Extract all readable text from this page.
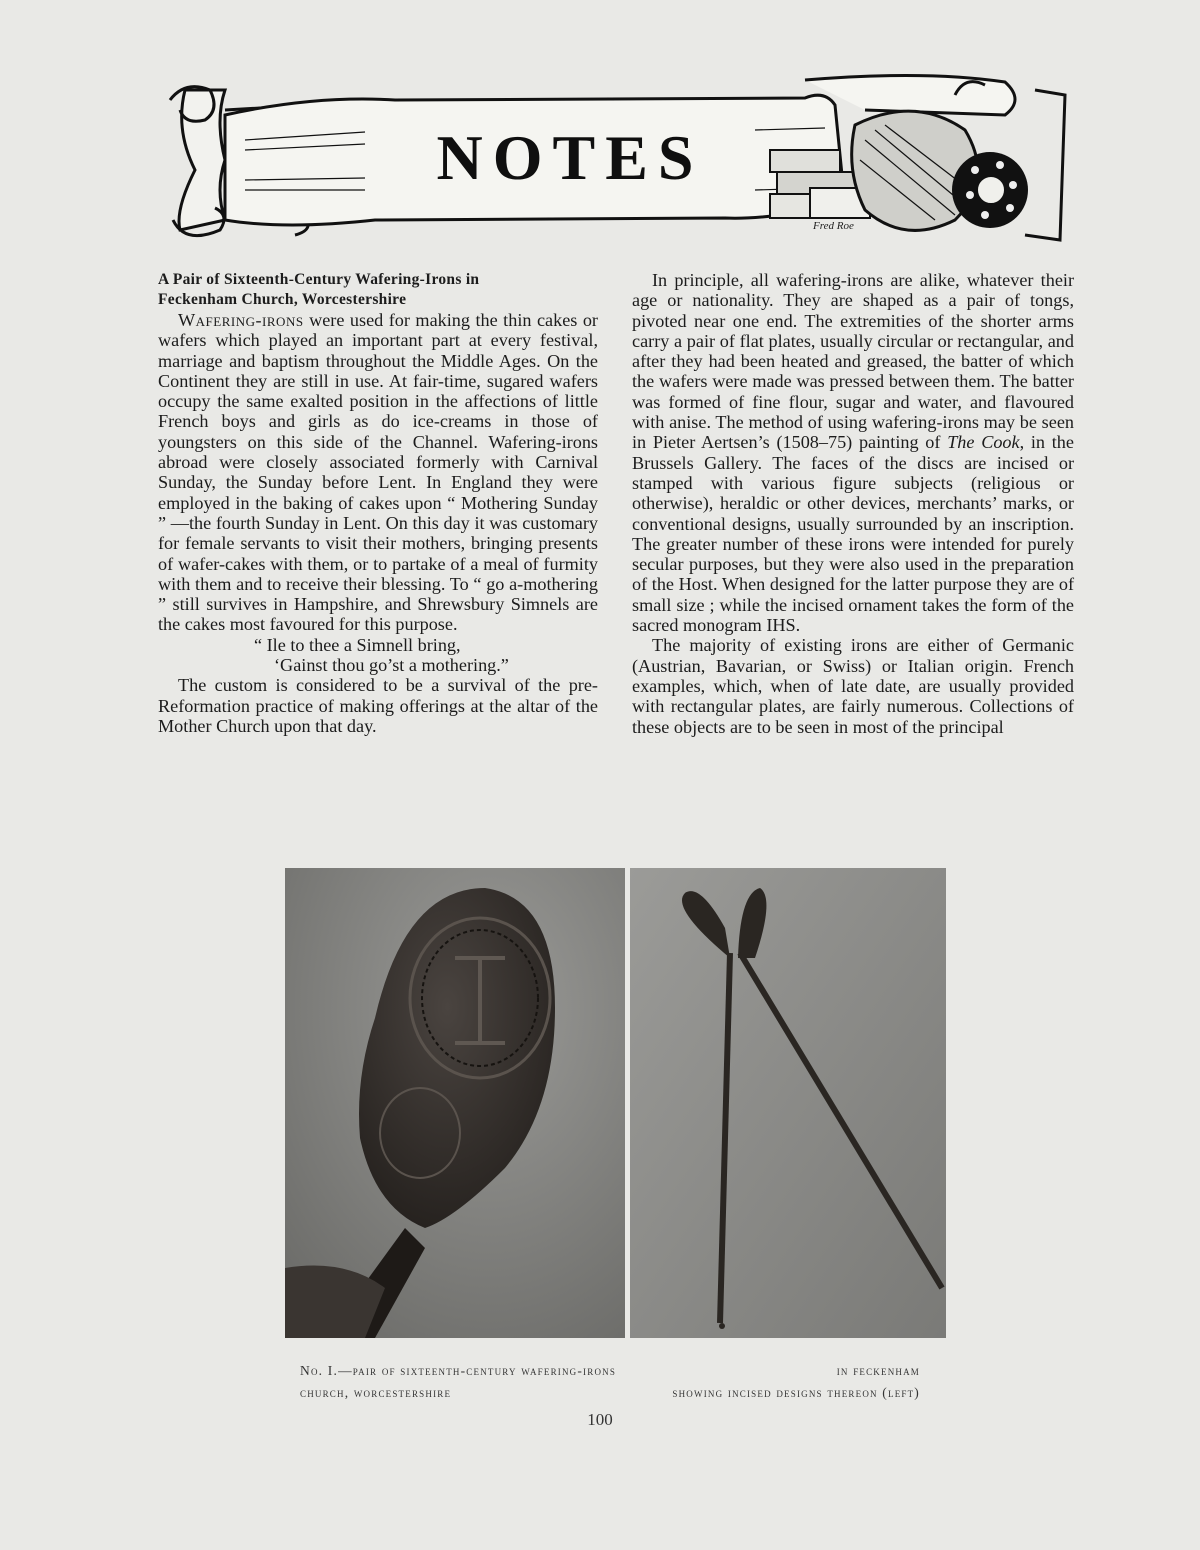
NOTES
Fred Roe

A Pair of Sixteenth-Century Wafering-Irons in
Feckenham Church, Worcestershire

Wafering-irons were used for making the thin cakes or wafers which played an important part at every festival, marriage and baptism throughout the Middle Ages. On the Continent they are still in use. At fair-time, sugared wafers occupy the same exalted position in the affections of little French boys and girls as do ice-creams in those of youngsters on this side of the Channel. Wafering-irons abroad were closely associated formerly with Carnival Sunday, the Sunday before Lent. In England they were employed in the baking of cakes upon “ Mothering Sunday ” —the fourth Sunday in Lent. On this day it was customary for female servants to visit their mothers, bringing presents of wafer-cakes with them, or to partake of a meal of furmity with them and to receive their blessing. To “ go a-mothering ” still survives in Hampshire, and Shrewsbury Simnels are the cakes most favoured for this purpose.

“ Ile to thee a Simnell bring,
‘Gainst thou go’st a mothering.”

The custom is considered to be a survival of the pre-Reformation practice of making offerings at the altar of the Mother Church upon that day.

In principle, all wafering-irons are alike, whatever their age or nationality. They are shaped as a pair of tongs, pivoted near one end. The extremities of the shorter arms carry a pair of flat plates, usually circular or rectangular, and after they had been heated and greased, the batter of which the wafers were made was pressed between them. The batter was formed of fine flour, sugar and water, and flavoured with anise. The method of using wafering-irons may be seen in Pieter Aertsen’s (1508–75) painting of The Cook, in the Brussels Gallery. The faces of the discs are incised or stamped with various figure subjects (religious or otherwise), heraldic or other devices, merchants’ marks, or conventional designs, usually surrounded by an inscription. The greater number of these irons were intended for purely secular purposes, but they were also used in the preparation of the Host. When designed for the latter purpose they are of small size ; while the incised ornament takes the form of the sacred monogram IHS.

The majority of existing irons are either of Germanic (Austrian, Bavarian, or Swiss) or Italian origin. French examples, which, when of late date, are usually provided with rectangular plates, are fairly numerous. Collections of these objects are to be seen in most of the principal

No. I.—pair of sixteenth-century wafering-irons	in feckenham
church, worcestershire	showing incised designs thereon (left)
100
